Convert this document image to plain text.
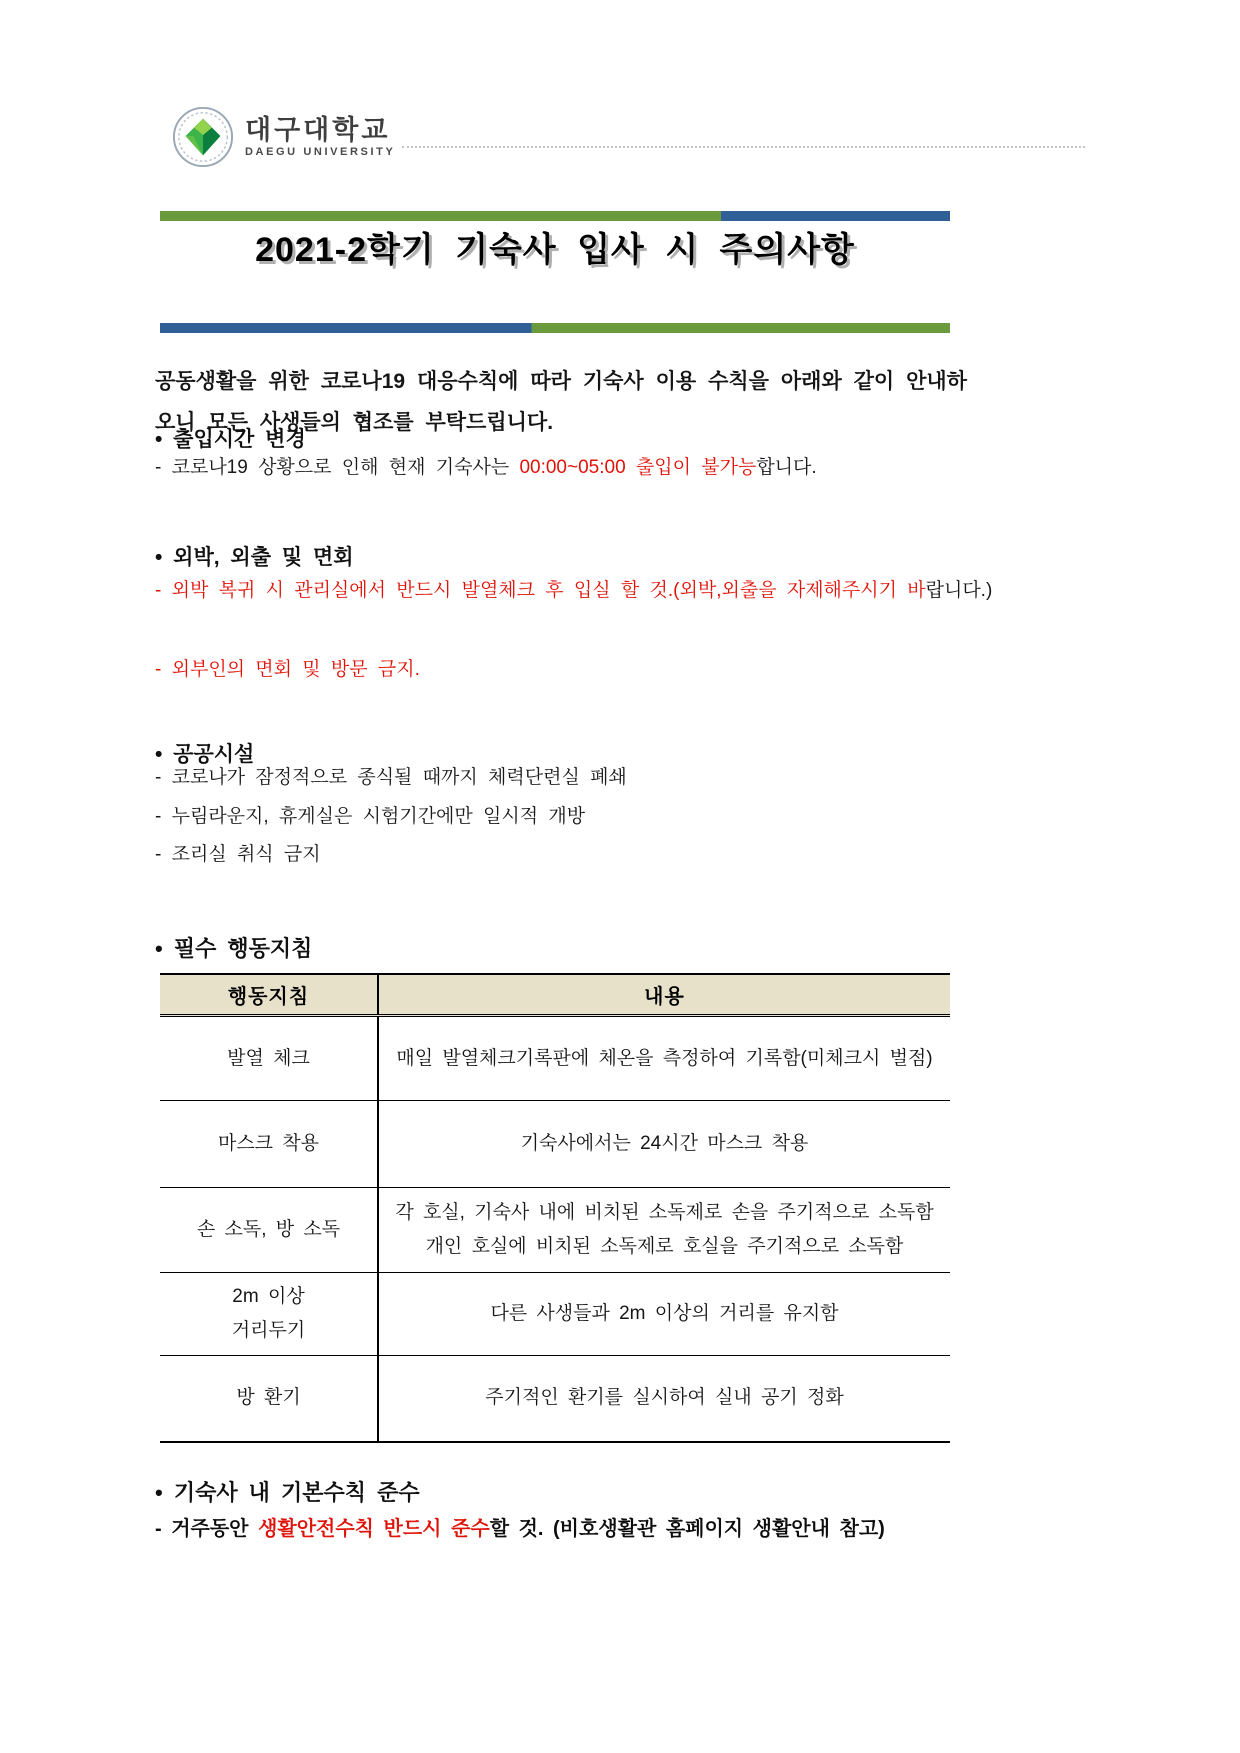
대구대학교
DAEGU UNIVERSITY
2021-2학기 기숙사 입사 시 주의사항

공동생활을 위한 코로나19 대응수칙에 따라 기숙사 이용 수칙을 아래와 같이 안내하오니 모든 사생들의 협조를 부탁드립니다.

• 출입시간 변경
- 코로나19 상황으로 인해 현재 기숙사는 00:00~05:00 출입이 불가능합니다.
• 외박, 외출 및 면회
- 외박 복귀 시 관리실에서 반드시 발열체크 후 입실 할 것.(외박,외출을 자제해주시기 바랍니다.)
- 외부인의 면회 및 방문 금지.
• 공공시설
- 코로나가 잠정적으로 종식될 때까지 체력단련실 폐쇄
- 누림라운지, 휴게실은 시험기간에만 일시적 개방
- 조리실 취식 금지
• 필수 행동지침
행동지침	내용
발열 체크	매일 발열체크기록판에 체온을 측정하여 기록함(미체크시 벌점)
마스크 착용	기숙사에서는 24시간 마스크 착용
손 소독, 방 소독	각 호실, 기숙사 내에 비치된 소독제로 손을 주기적으로 소독함
개인 호실에 비치된 소독제로 호실을 주기적으로 소독함
2m 이상
거리두기	다른 사생들과 2m 이상의 거리를 유지함
방 환기	주기적인 환기를 실시하여 실내 공기 정화
• 기숙사 내 기본수칙 준수
- 거주동안 생활안전수칙 반드시 준수할 것. (비호생활관 홈페이지 생활안내 참고)
